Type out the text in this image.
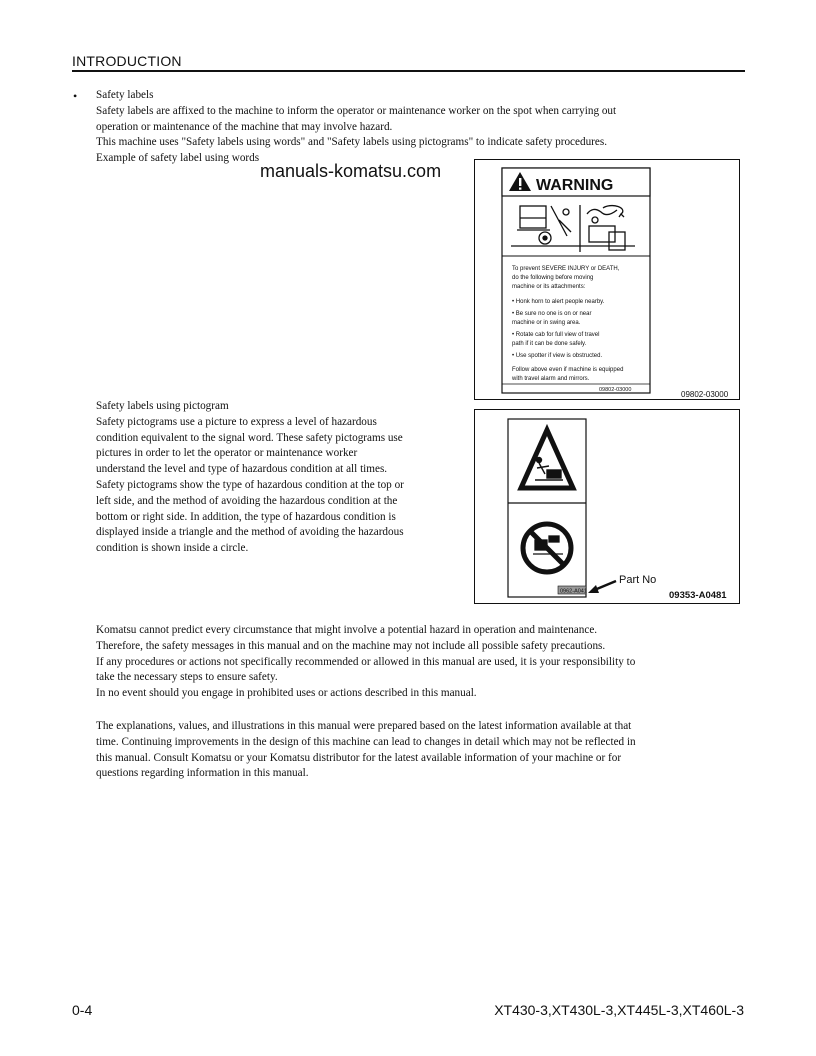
INTRODUCTION
• Safety labels

Safety labels are affixed to the machine to inform the operator or maintenance worker on the spot when carrying out

operation or maintenance of the machine that may involve hazard.

This machine uses "Safety labels using words" and "Safety labels using pictograms" to indicate safety procedures.

Example of safety label using words

manuals-komatsu.com
WARNING
To prevent SEVERE INJURY or DEATH,
do the following before moving
machine or its attachments:
• Honk horn to alert people nearby.
• Be sure no one is on or near
machine or in swing area.
• Rotate cab for full view of travel
path if it can be done safely.
• Use spotter if view is obstructed.
Follow above even if machine is equipped
with travel alarm and mirrors.
09802-03000	09802-03000

Safety labels using pictogram

Safety pictograms use a picture to express a level of hazardous

condition equivalent to the signal word. These safety pictograms use

pictures in order to let the operator or maintenance worker

understand the level and type of hazardous condition at all times.

Safety pictograms show the type of hazardous condition at the top or

left side, and the method of avoiding the hazardous condition at the

bottom or right side. In addition, the type of hazardous condition is

displayed inside a triangle and the method of avoiding the hazardous

condition is shown inside a circle.

0962-A041
Part No
09353-A0481

Komatsu cannot predict every circumstance that might involve a potential hazard in operation and maintenance.

Therefore, the safety messages in this manual and on the machine may not include all possible safety precautions.

If any procedures or actions not specifically recommended or allowed in this manual are used, it is your responsibility to

take the necessary steps to ensure safety.

In no event should you engage in prohibited uses or actions described in this manual.

The explanations, values, and illustrations in this manual were prepared based on the latest information available at that

time. Continuing improvements in the design of this machine can lead to changes in detail which may not be reflected in

this manual. Consult Komatsu or your Komatsu distributor for the latest available information of your machine or for

questions regarding information in this manual.

0-4	XT430-3,XT430L-3,XT445L-3,XT460L-3
